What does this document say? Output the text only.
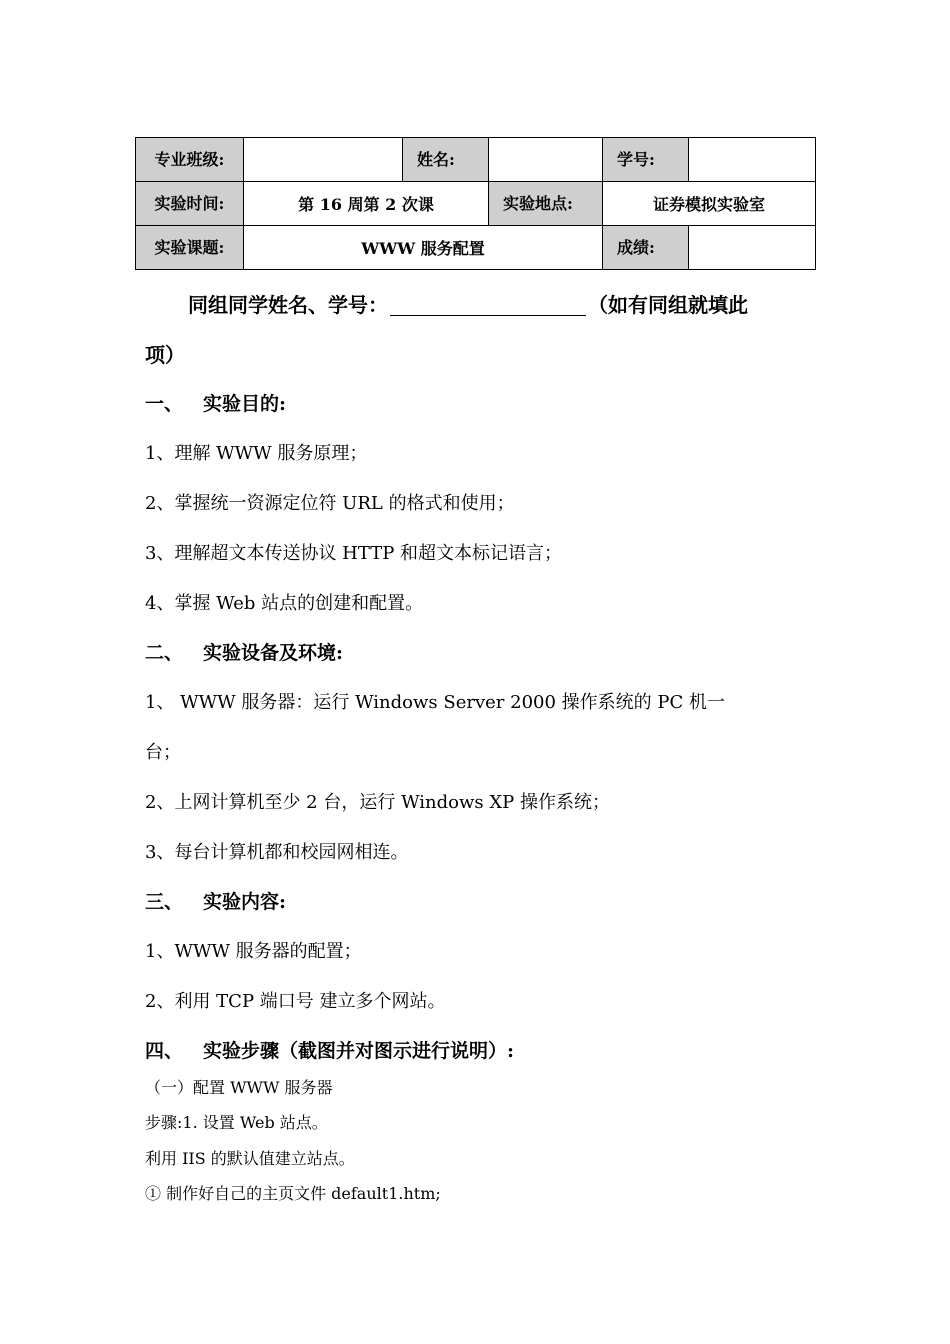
专业班级:		姓名:		学号:	
实验时间:	第 16 周第 2 次课		实验地点:	证券模拟实验室	
实验课题:	WWW 服务配置			成绩:	
同组同学姓名、学号：	（如有同组就填此
项）
一、 实验目的:
1、理解 WWW 服务原理；
2、掌握统一资源定位符 URL 的格式和使用；
3、理解超文本传送协议 HTTP 和超文本标记语言；
4、掌握 Web 站点的创建和配置。
二、 实验设备及环境:
1、 WWW 服务器：运行 Windows Server 2000 操作系统的 PC 机一
台；
2、上网计算机至少 2 台，运行 Windows XP 操作系统；
3、每台计算机都和校园网相连。
三、 实验内容:
1、WWW 服务器的配置；
2、利用 TCP 端口号 建立多个网站。
四、 实验步骤（截图并对图示进行说明）:
（一）配置 WWW 服务器
步骤:1. 设置 Web 站点。
利用 IIS 的默认值建立站点。
① 制作好自己的主页文件 default1.htm;
